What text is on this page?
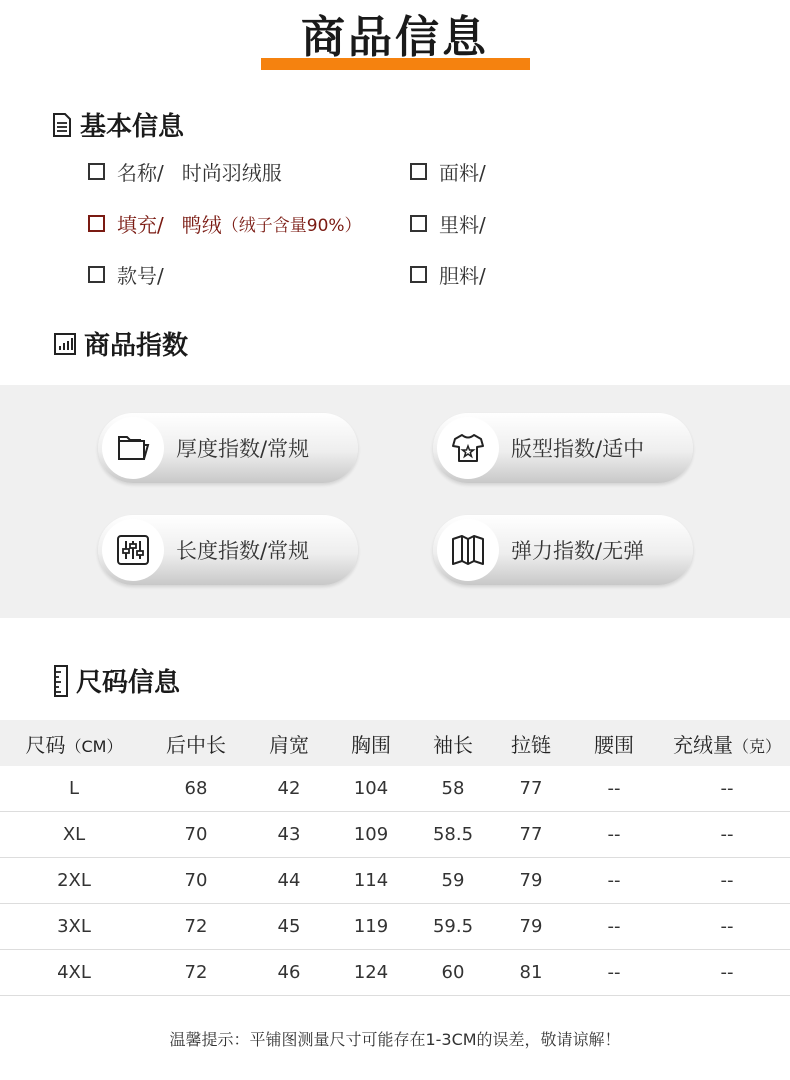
商品信息
基本信息
名称/ 时尚羽绒服	面料/
填充/ 鸭绒 （绒子含量90%）	里料/
款号/	胆料/
商品指数
厚度指数/常规	版型指数/适中
长度指数/常规	弹力指数/无弹
尺码信息
尺码（CM）	后中长	肩宽	胸围	袖长	拉链	腰围	充绒量（克）
L	68	42	104	58	77	--	--
XL	70	43	109	58.5	77	--	--
2XL	70	44	114	59	79	--	--
3XL	72	45	119	59.5	79	--	--
4XL	72	46	124	60	81	--	--
温馨提示：平铺图测量尺寸可能存在1-3CM的误差，敬请谅解！
